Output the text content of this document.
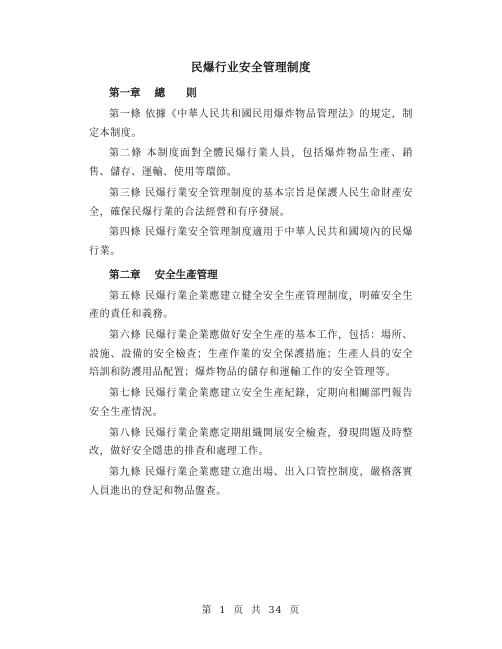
民爆行业安全管理制度
第一章　 總　　則

第一條 依據《中華人民共和國民用爆炸物品管理法》的規定，制定本制度。

第二條 本制度面對全體民爆行業人員，包括爆炸物品生產、銷售、儲存、運輸、使用等環節。

第三條 民爆行業安全管理制度的基本宗旨是保護人民生命財產安全，確保民爆行業的合法經營和有序發展。

第四條 民爆行業安全管理制度適用于中華人民共和國境內的民爆行業。

第二章　 安全生產管理

第五條 民爆行業企業應建立健全安全生產管理制度，明確安全生產的責任和義務。

第六條 民爆行業企業應做好安全生產的基本工作，包括：場所、設施、設備的安全檢查；生產作業的安全保護措施；生產人員的安全培訓和防護用品配置；爆炸物品的儲存和運輸工作的安全管理等。

第七條 民爆行業企業應建立安全生產紀錄，定期向相關部門報告安全生產情況。

第八條 民爆行業企業應定期組織開展安全檢查，發現問題及時整改，做好安全隱患的排查和處理工作。

第九條 民爆行業企業應建立進出場、出入口管控制度，嚴格落實人員進出的登記和物品盤查。

第 1 页 共 34 页
